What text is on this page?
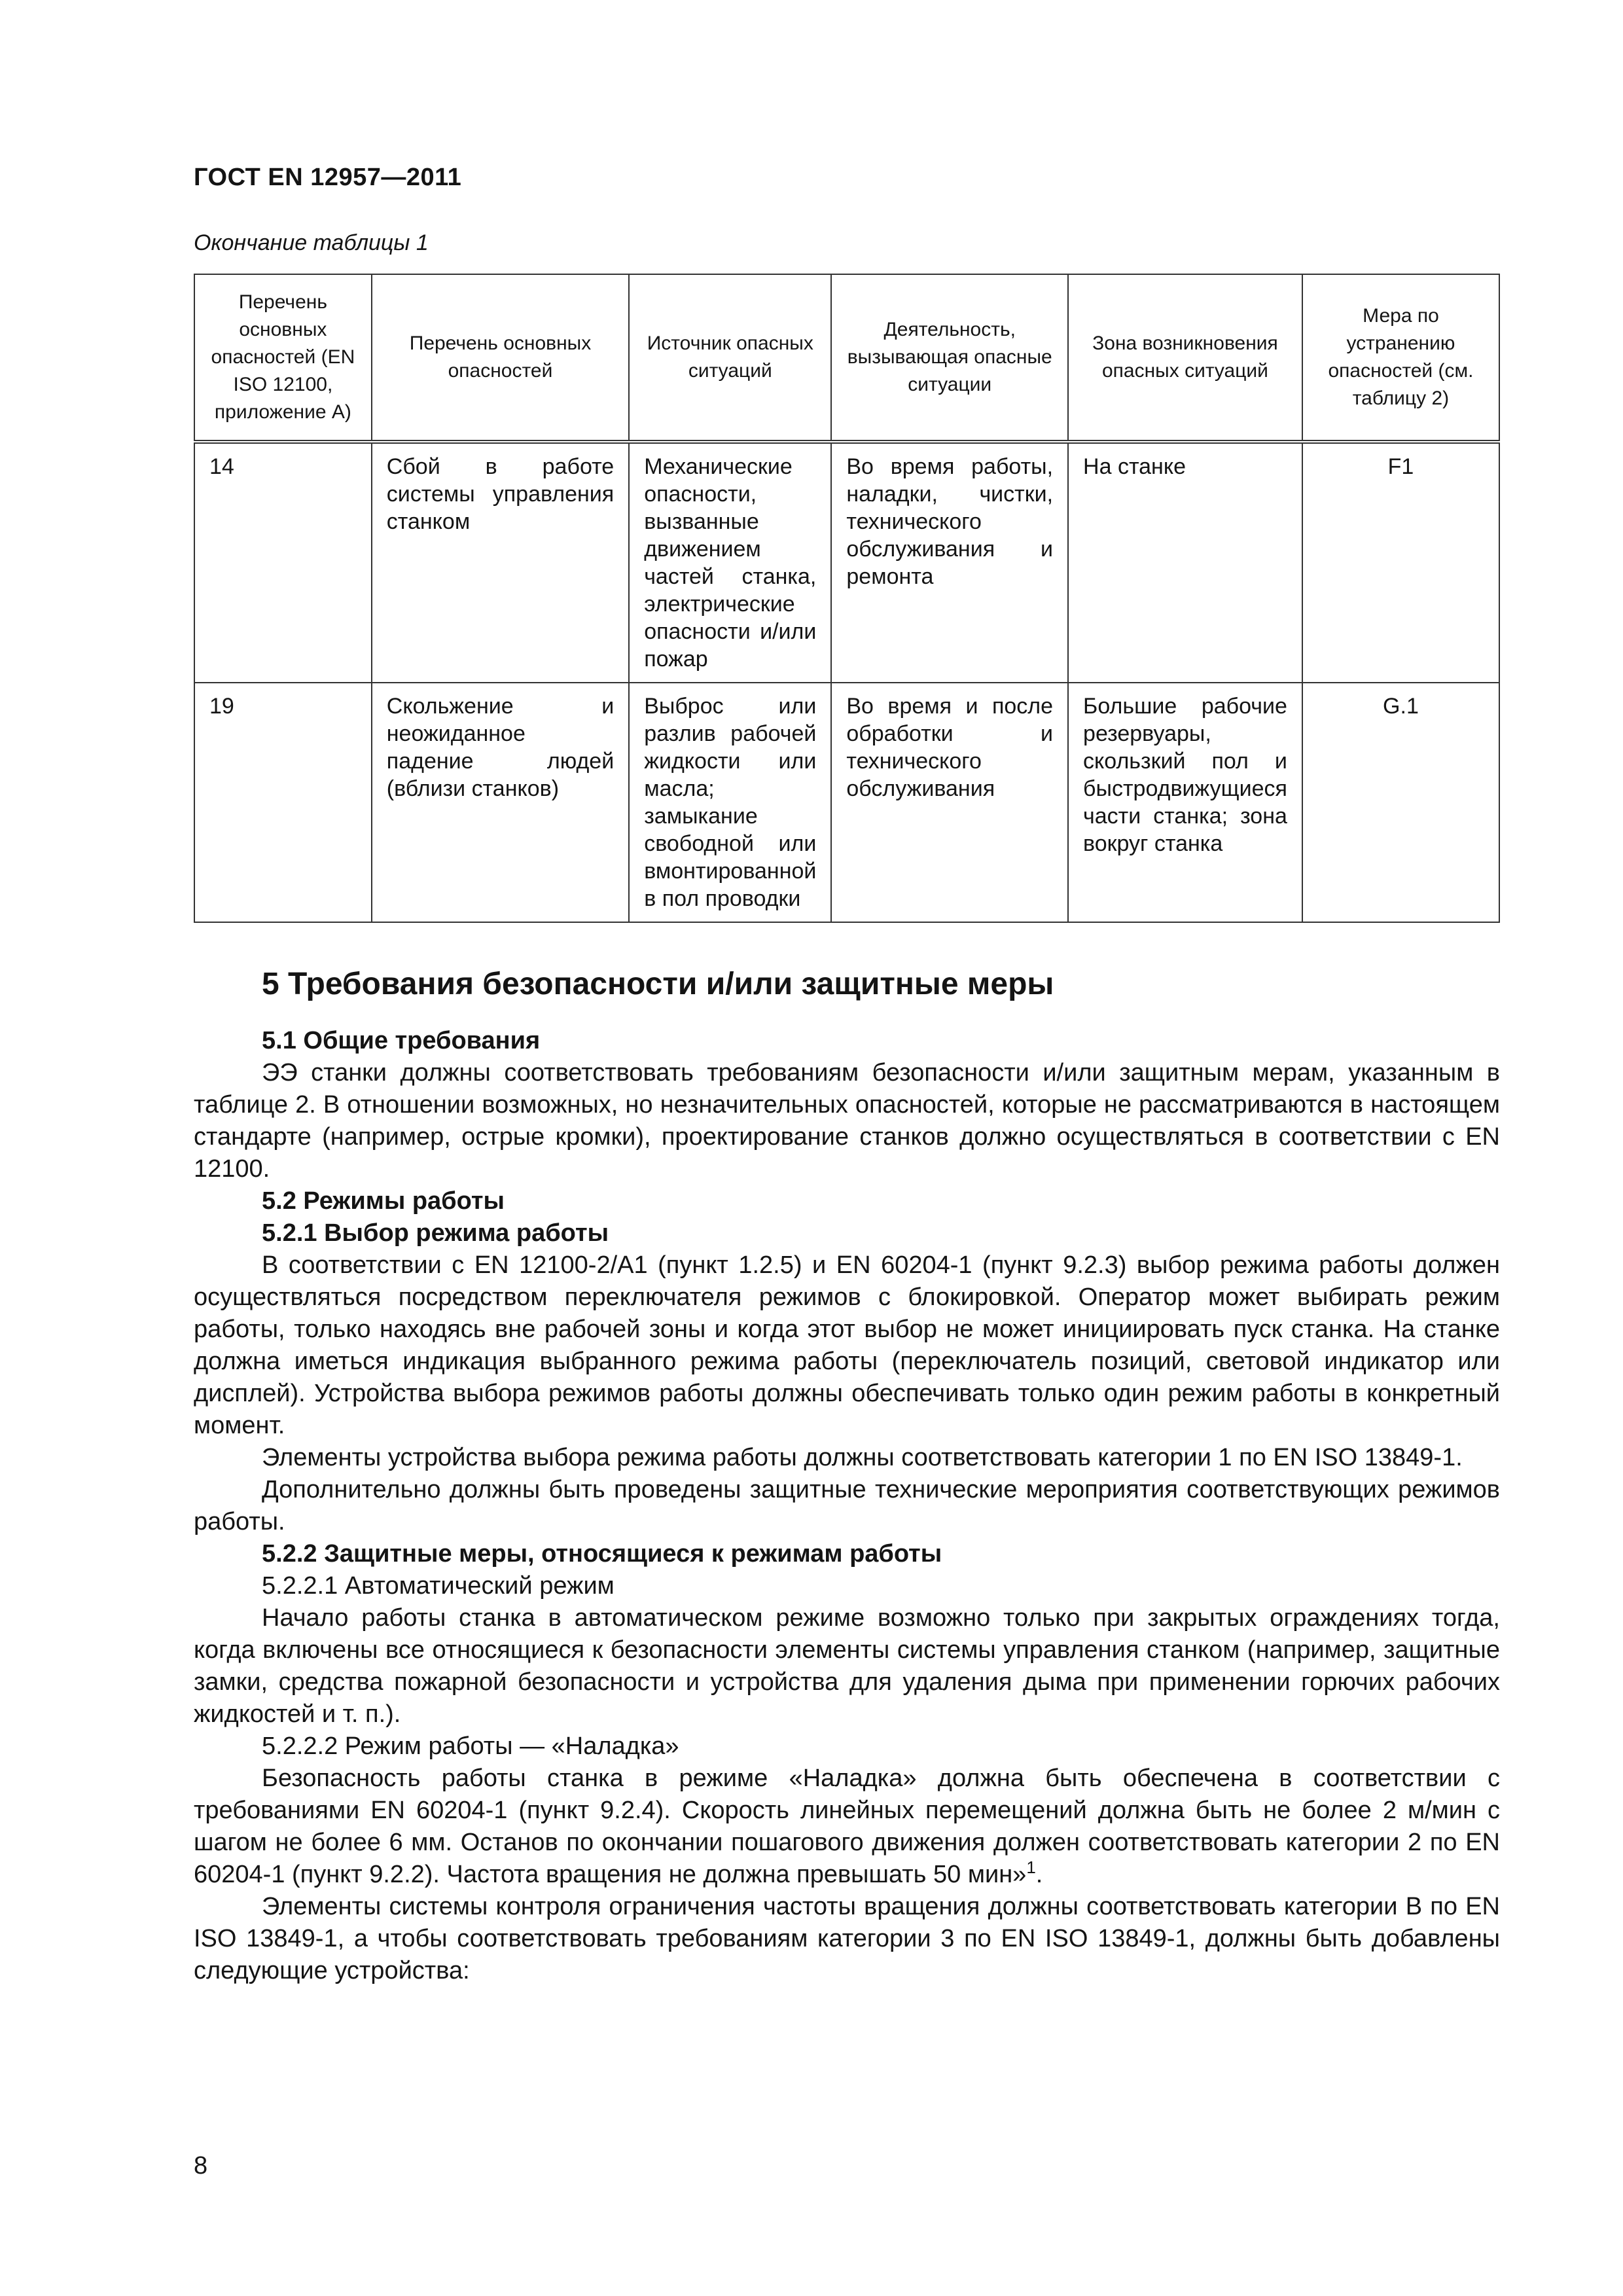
ГОСТ EN 12957—2011
Окончание таблицы 1
Перечень основных опасностей (EN ISO 12100, приложение А)	Перечень основных опасностей	Источник опасных ситуаций	Деятельность, вызывающая опасные ситуации	Зона возникновения опасных ситуаций	Мера по устранению опасностей (см. таблицу 2)
14	Сбой в работе системы управления станком	Механические опасности, вызванные движением частей станка, электрические опасности и/или пожар	Во время работы, наладки, чистки, технического обслуживания и ремонта	На станке	F1
19	Скольжение и неожиданное падение людей (вблизи станков)	Выброс или разлив рабочей жидкости или масла; замыкание свободной или вмонтированной в пол проводки	Во время и после обработки и технического обслуживания	Большие рабочие резервуары, скользкий пол и быстродвижущиеся части станка; зона вокруг станка	G.1
5 Требования безопасности и/или защитные меры
5.1 Общие требования

ЭЭ станки должны соответствовать требованиям безопасности и/или защитным мерам, указанным в таблице 2. В отношении возможных, но незначительных опасностей, которые не рассматриваются в настоящем стандарте (например, острые кромки), проектирование станков должно осуществляться в соответствии с EN 12100.

5.2 Режимы работы
5.2.1 Выбор режима работы

В соответствии с EN 12100-2/A1 (пункт 1.2.5) и EN 60204-1 (пункт 9.2.3) выбор режима работы должен осуществляться посредством переключателя режимов с блокировкой. Оператор может выбирать режим работы, только находясь вне рабочей зоны и когда этот выбор не может инициировать пуск станка. На станке должна иметься индикация выбранного режима работы (переключатель позиций, световой индикатор или дисплей). Устройства выбора режимов работы должны обеспечивать только один режим работы в конкретный момент.

Элементы устройства выбора режима работы должны соответствовать категории 1 по EN ISO 13849-1.

Дополнительно должны быть проведены защитные технические мероприятия соответствующих режимов работы.

5.2.2 Защитные меры, относящиеся к режимам работы
5.2.2.1 Автоматический режим

Начало работы станка в автоматическом режиме возможно только при закрытых ограждениях тогда, когда включены все относящиеся к безопасности элементы системы управления станком (например, защитные замки, средства пожарной безопасности и устройства для удаления дыма при применении горючих рабочих жидкостей и т. п.).

5.2.2.2 Режим работы — «Наладка»

Безопасность работы станка в режиме «Наладка» должна быть обеспечена в соответствии с требованиями EN 60204-1 (пункт 9.2.4). Скорость линейных перемещений должна быть не более 2 м/мин с шагом не более 6 мм. Останов по окончании пошагового движения должен соответствовать категории 2 по EN 60204-1 (пункт 9.2.2). Частота вращения не должна превышать 50 мин»$^1$.

Элементы системы контроля ограничения частоты вращения должны соответствовать категории В по EN ISO 13849-1, а чтобы соответствовать требованиям категории 3 по EN ISO 13849-1, должны быть добавлены следующие устройства:

8
